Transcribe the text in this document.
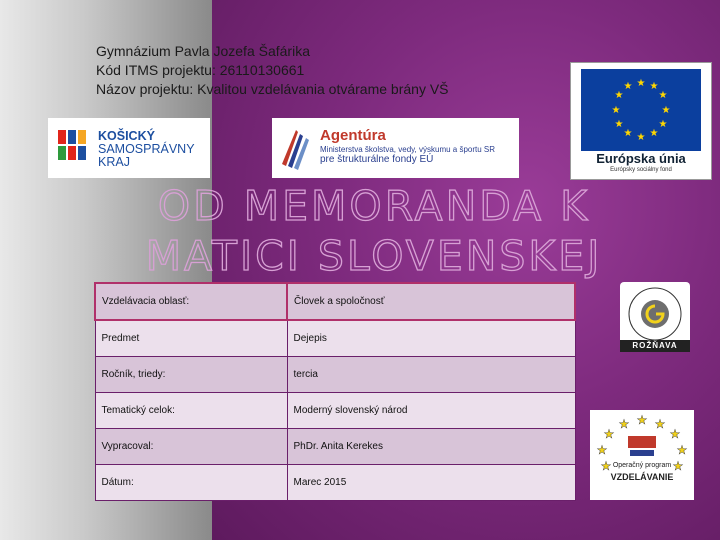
Gymnázium Pavla Jozefa Šafárika
Kód ITMS projektu: 26110130661
Názov projektu: Kvalitou vzdelávania otvárame brány VŠ
KOŠICKÝ
SAMOSPRÁVNY
KRAJ
Agentúra
Ministerstva školstva, vedy, výskumu a športu SR
pre štrukturálne fondy EÚ
★ ★
★
★
★
★
★
★
★
★
★
★
Európska únia
Európsky sociálny fond
OD MEMORANDA K MATICI SLOVENSKEJ
Vzdelávacia oblasť:	Človek a spoločnosť
Predmet	Dejepis
Ročník, triedy:	tercia
Tematický celok:	Moderný slovenský národ
Vypracoval:	PhDr. Anita Kerekes
Dátum:	Marec 2015
ROŽŇAVA
★ ★
★
★
★
★
★
★
★
Operačný program
VZDELÁVANIE
